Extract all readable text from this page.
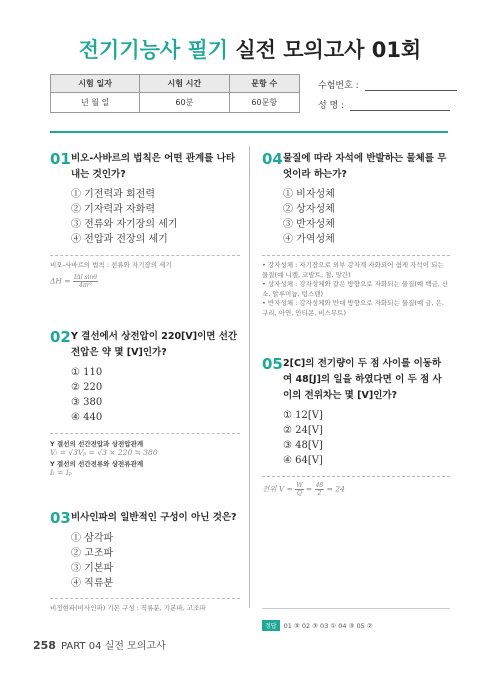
전기기능사 필기 실전 모의고사 01회
시험 일자	시험 시간	문항 수
년 월 일	60분	60문항
수험번호 :
성 명 :
01 비오-사바르의 법칙은 어떤 관계를 나타내는 것인가?
① 기전력과 회전력
② 기자력과 자화력
③ 전류와 자기장의 세기
④ 전압과 전장의 세기
비오-사바르의 법칙 : 전류와 자기장의 세기
$\Delta H = \frac{\text{IΔl sinθ}}{\text{4πr²}}$
02 Y 결선에서 상전압이 220[V]이면 선간전압은 약 몇 [V]인가?
① 110
② 220
③ 380
④ 440
Y 결선의 선간전압과 상전압관계
Vₗ = √3Vₚ = √3 × 220 ≒ 380
Y 결선의 선간전류와 상전류관계
Iₗ = Iₚ
03 비사인파의 일반적인 구성이 아닌 것은?
① 삼각파
② 고조파
③ 기본파
④ 직류분
비정현파(비사인파) 기본 구성 : 직류분, 기본파, 고조파
04 물질에 따라 자석에 반발하는 물체를 무엇이라 하는가?
① 비자성체
② 상자성체
③ 반자성체
④ 가역성체
• 강자성체 : 자기장으로 외부 강자계 자화되어 쉽게 자석이 되는 물질(예 니켈, 코발트, 철, 망간)
• 상자성체 : 강자성체와 같은 방향으로 자화되는 물질(예 백금, 산소, 알루미늄, 텅스텐)
• 반자성체 : 강자성체와 반대 방향으로 자화되는 물질(예 금, 은, 구리, 아연, 안티몬, 비스무트)
05 2[C]의 전기량이 두 점 사이를 이동하여 48[J]의 일을 하였다면 이 두 점 사이의 전위차는 몇 [V]인가?
① 12[V]
② 24[V]
③ 48[V]
④ 64[V]
전위 $V = \frac{W}{Q} = \frac{48}{2} = 24$
정답 01 ③ 02 ③ 03 ① 04 ③ 05 ②
258 PART 04 실전 모의고사
